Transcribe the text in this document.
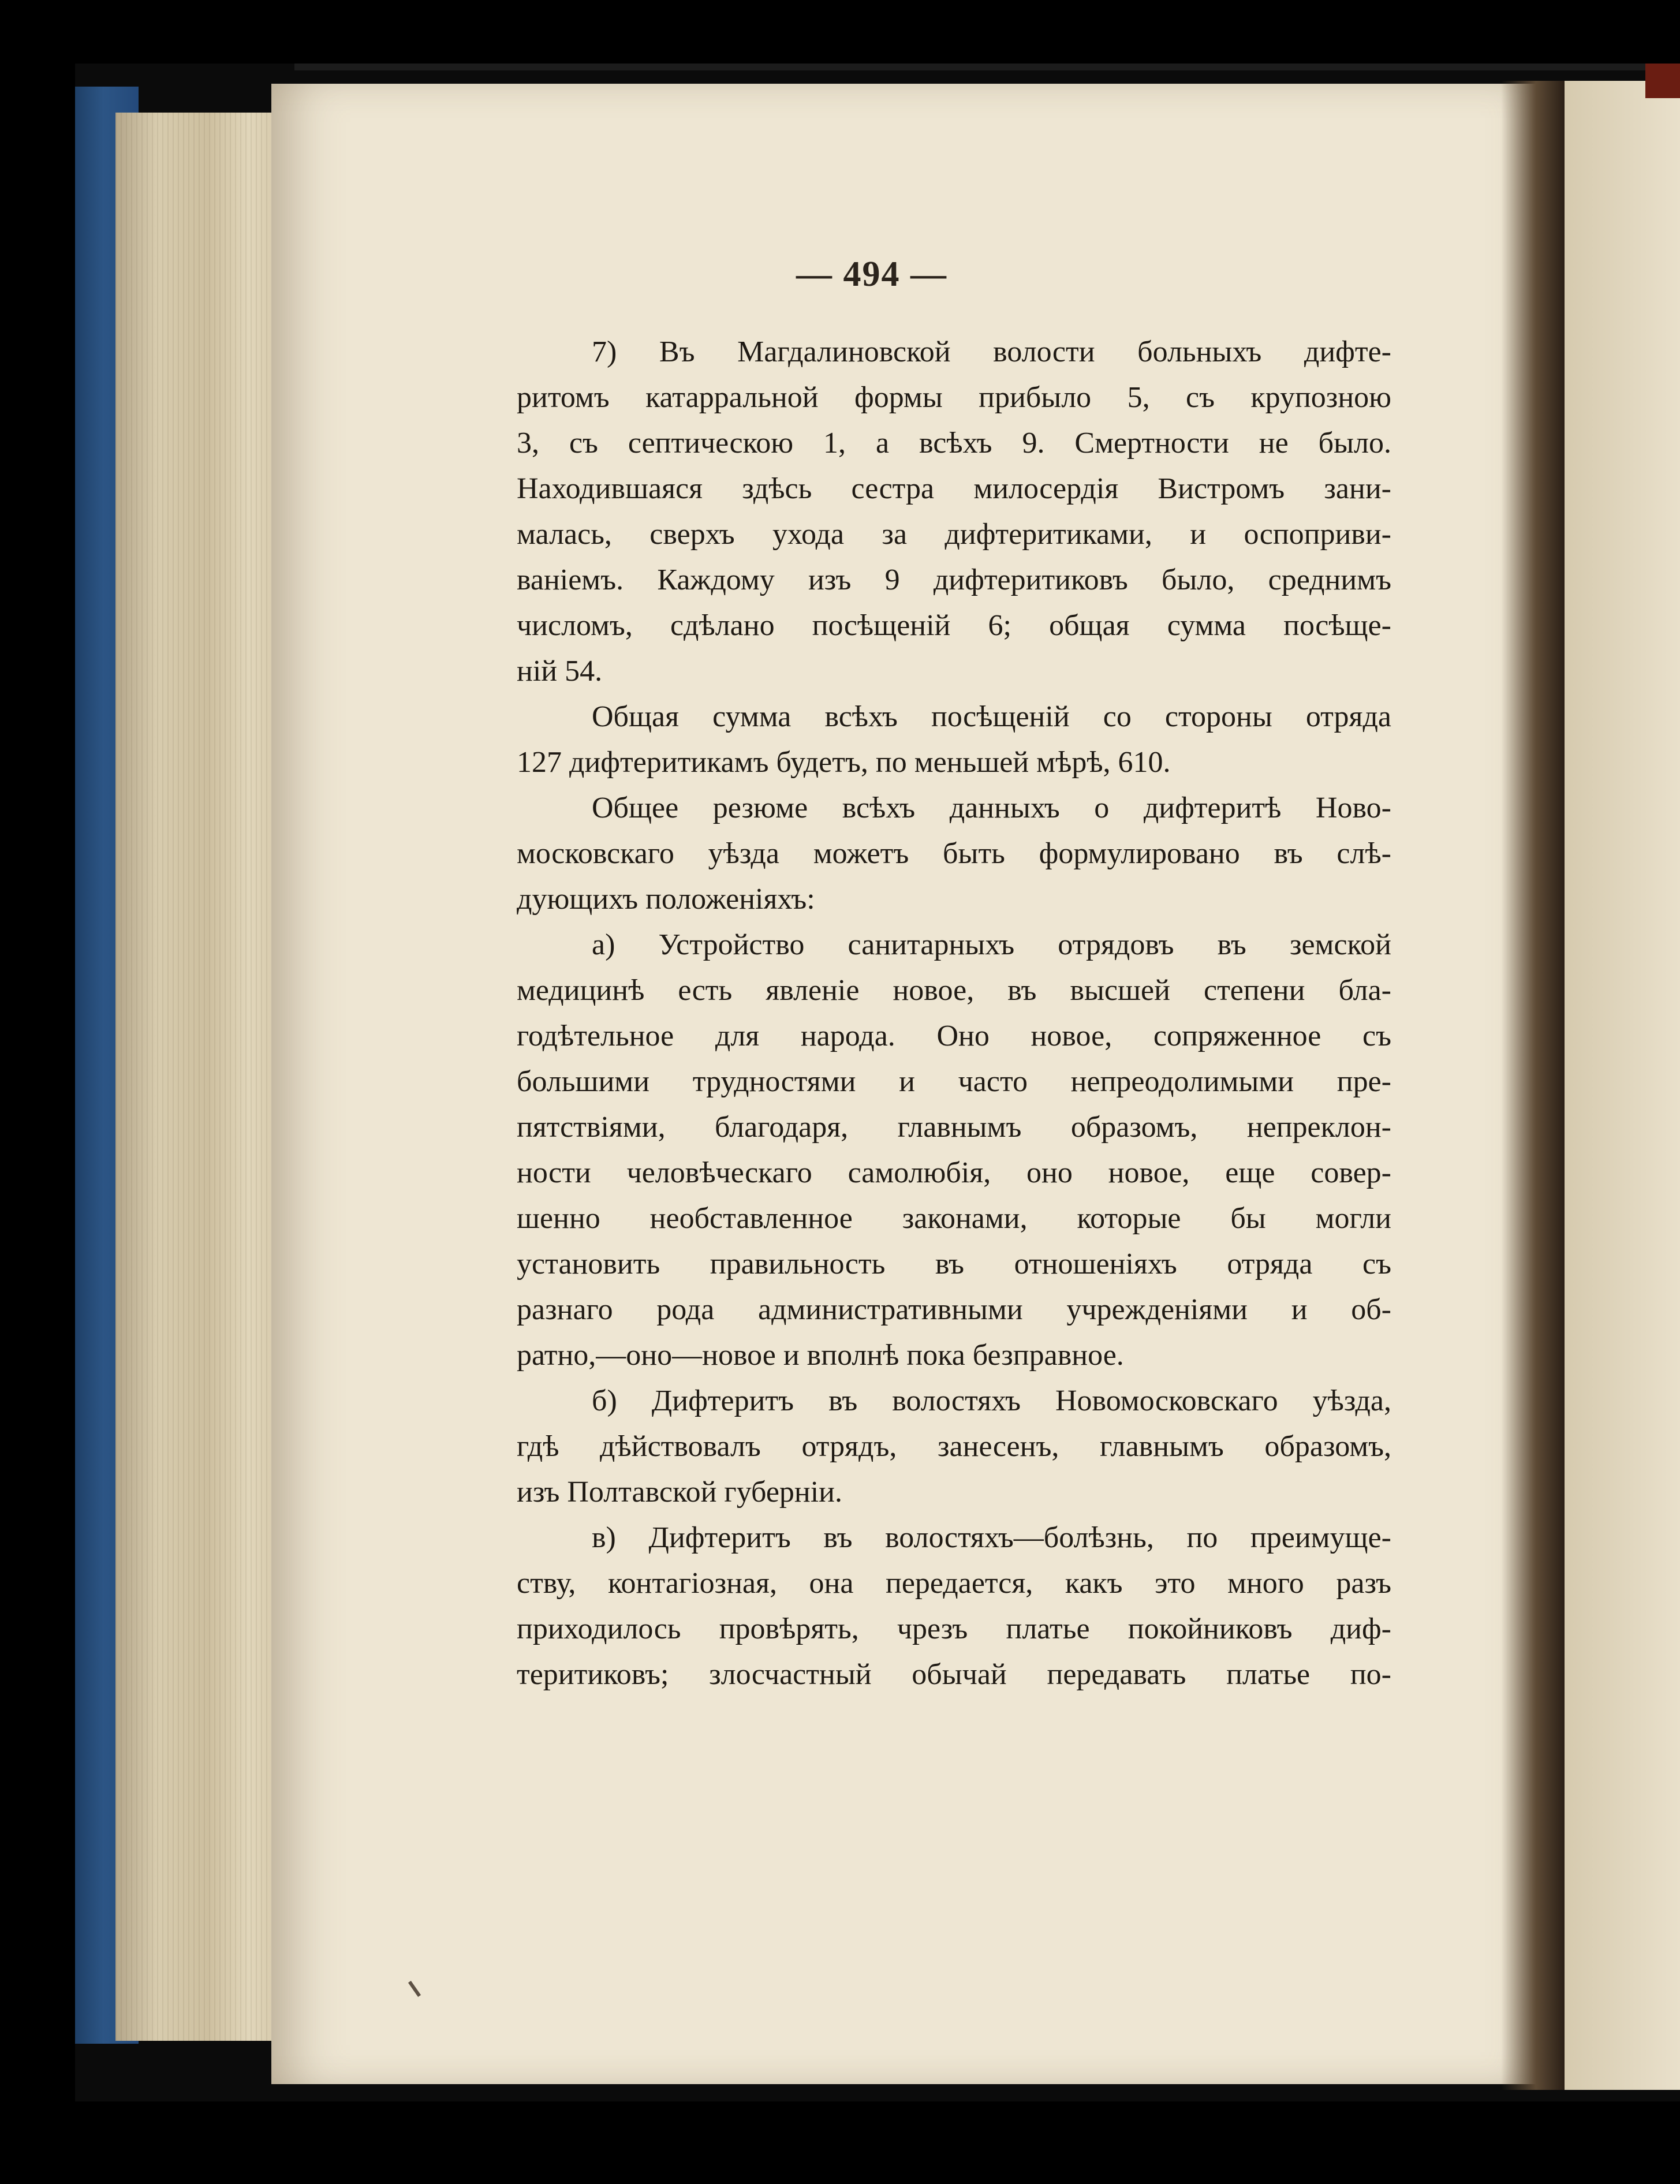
— 494 —
7) Въ Магдалиновской волости больныхъ дифте-
ритомъ катарральной формы прибыло 5, съ крупозною
3, съ септическою 1, а всѣхъ 9. Смертности не было.
Находившаяся здѣсь сестра милосердія Вистромъ зани-
малась, сверхъ ухода за дифтеритиками, и оспоприви-
ваніемъ. Каждому изъ 9 дифтеритиковъ было, среднимъ
числомъ, сдѣлано посѣщеній 6; общая сумма посѣще-
ній 54.
Общая сумма всѣхъ посѣщеній со стороны отряда
127 дифтеритикамъ будетъ, по меньшей мѣрѣ, 610.
Общее резюме всѣхъ данныхъ о дифтеритѣ Ново-
московскаго уѣзда можетъ быть формулировано въ слѣ-
дующихъ положеніяхъ:
а) Устройство санитарныхъ отрядовъ въ земской
медицинѣ есть явленіе новое, въ высшей степени бла-
годѣтельное для народа. Оно новое, сопряженное съ
большими трудностями и часто непреодолимыми пре-
пятствіями, благодаря, главнымъ образомъ, непреклон-
ности человѣческаго самолюбія, оно новое, еще совер-
шенно необставленное законами, которые бы могли
установить правильность въ отношеніяхъ отряда съ
разнаго рода административными учрежденіями и об-
ратно,—оно—новое и вполнѣ пока безправное.
б) Дифтеритъ въ волостяхъ Новомосковскаго уѣзда,
гдѣ дѣйствовалъ отрядъ, занесенъ, главнымъ образомъ,
изъ Полтавской губерніи.
в) Дифтеритъ въ волостяхъ—болѣзнь, по преимуще-
ству, контагіозная, она передается, какъ это много разъ
приходилось провѣрять, чрезъ платье покойниковъ диф-
теритиковъ; злосчастный обычай передавать платье по-
